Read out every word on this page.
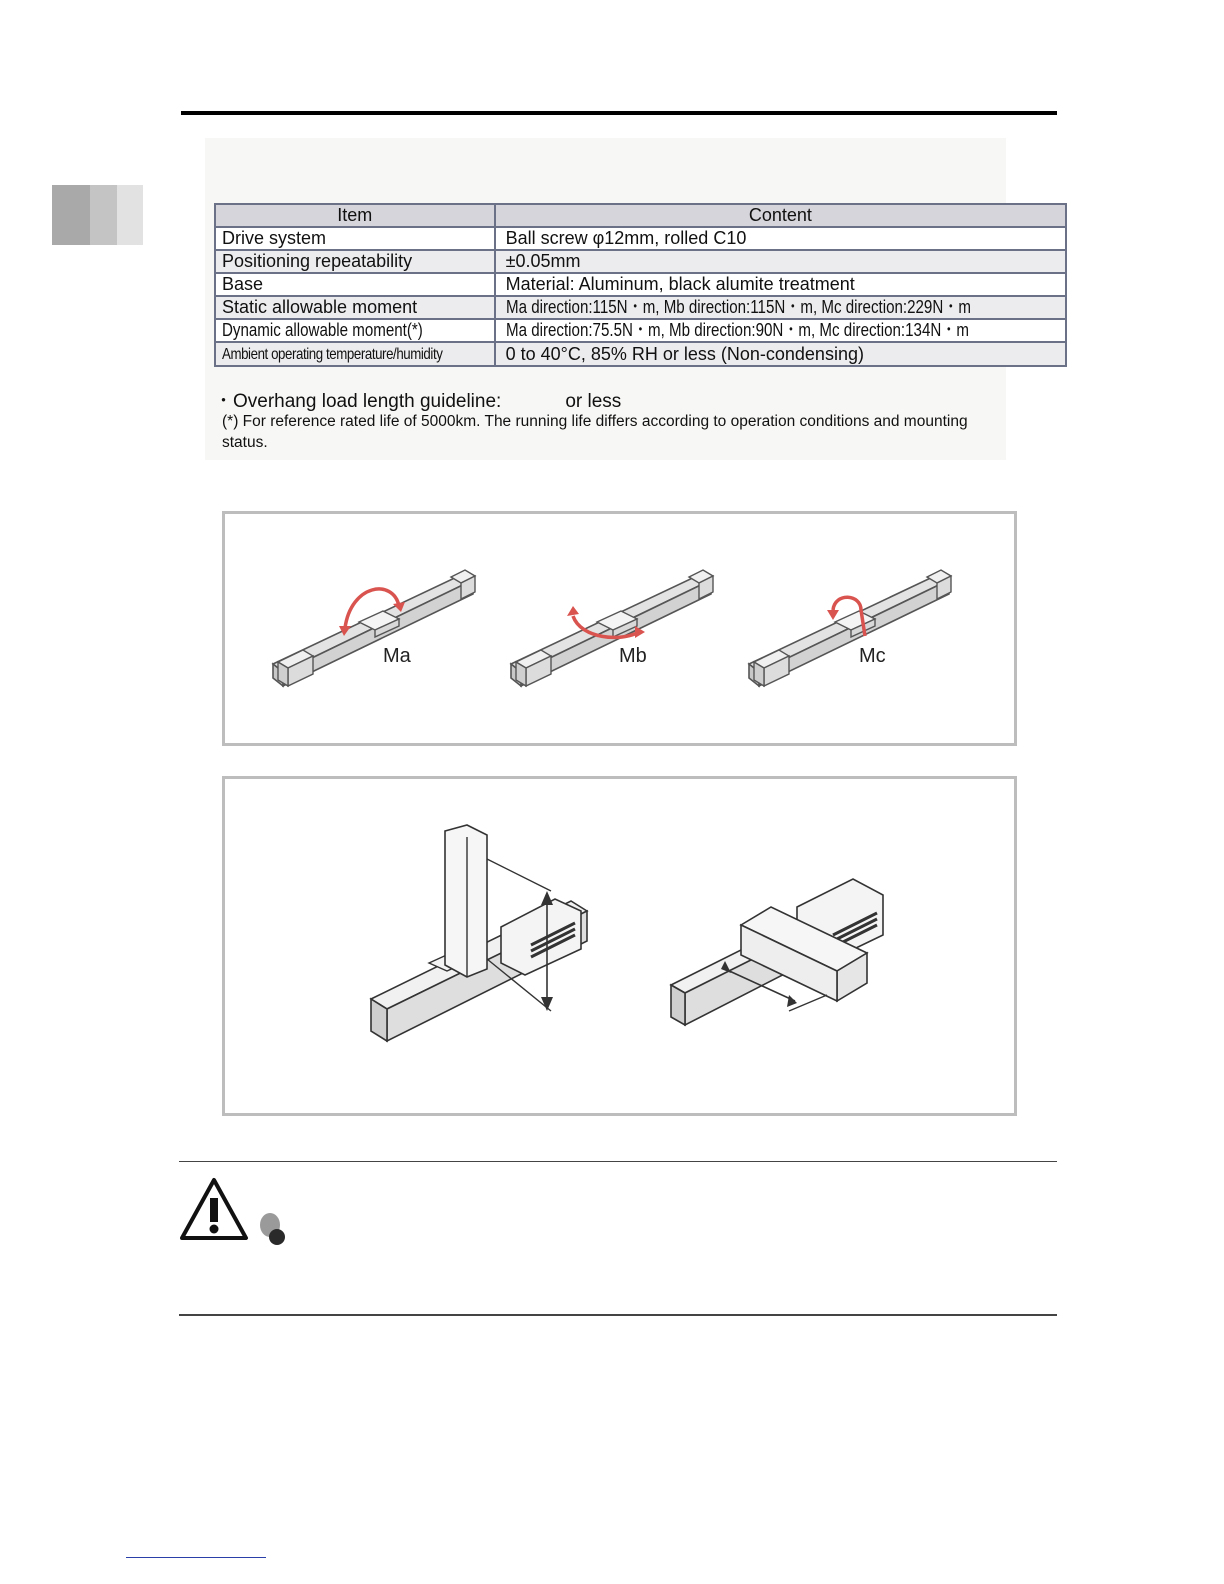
Item	Content
Drive system	Ball screw φ12mm, rolled C10
Positioning repeatability	±0.05mm
Base	Material: Aluminum, black alumite treatment
Static allowable moment	Ma direction:115N・m, Mb direction:115N・m, Mc direction:229N・m
Dynamic allowable moment(*)	Ma direction:75.5N・m, Mb direction:90N・m, Mc direction:134N・m
Ambient operating temperature/humidity	0 to 40°C, 85% RH or less (Non-condensing)
・Overhang load length guideline:	or less
(*) For reference rated life of 5000km. The running life differs according to operation conditions and mounting status.
Ma	Mb	Mc
